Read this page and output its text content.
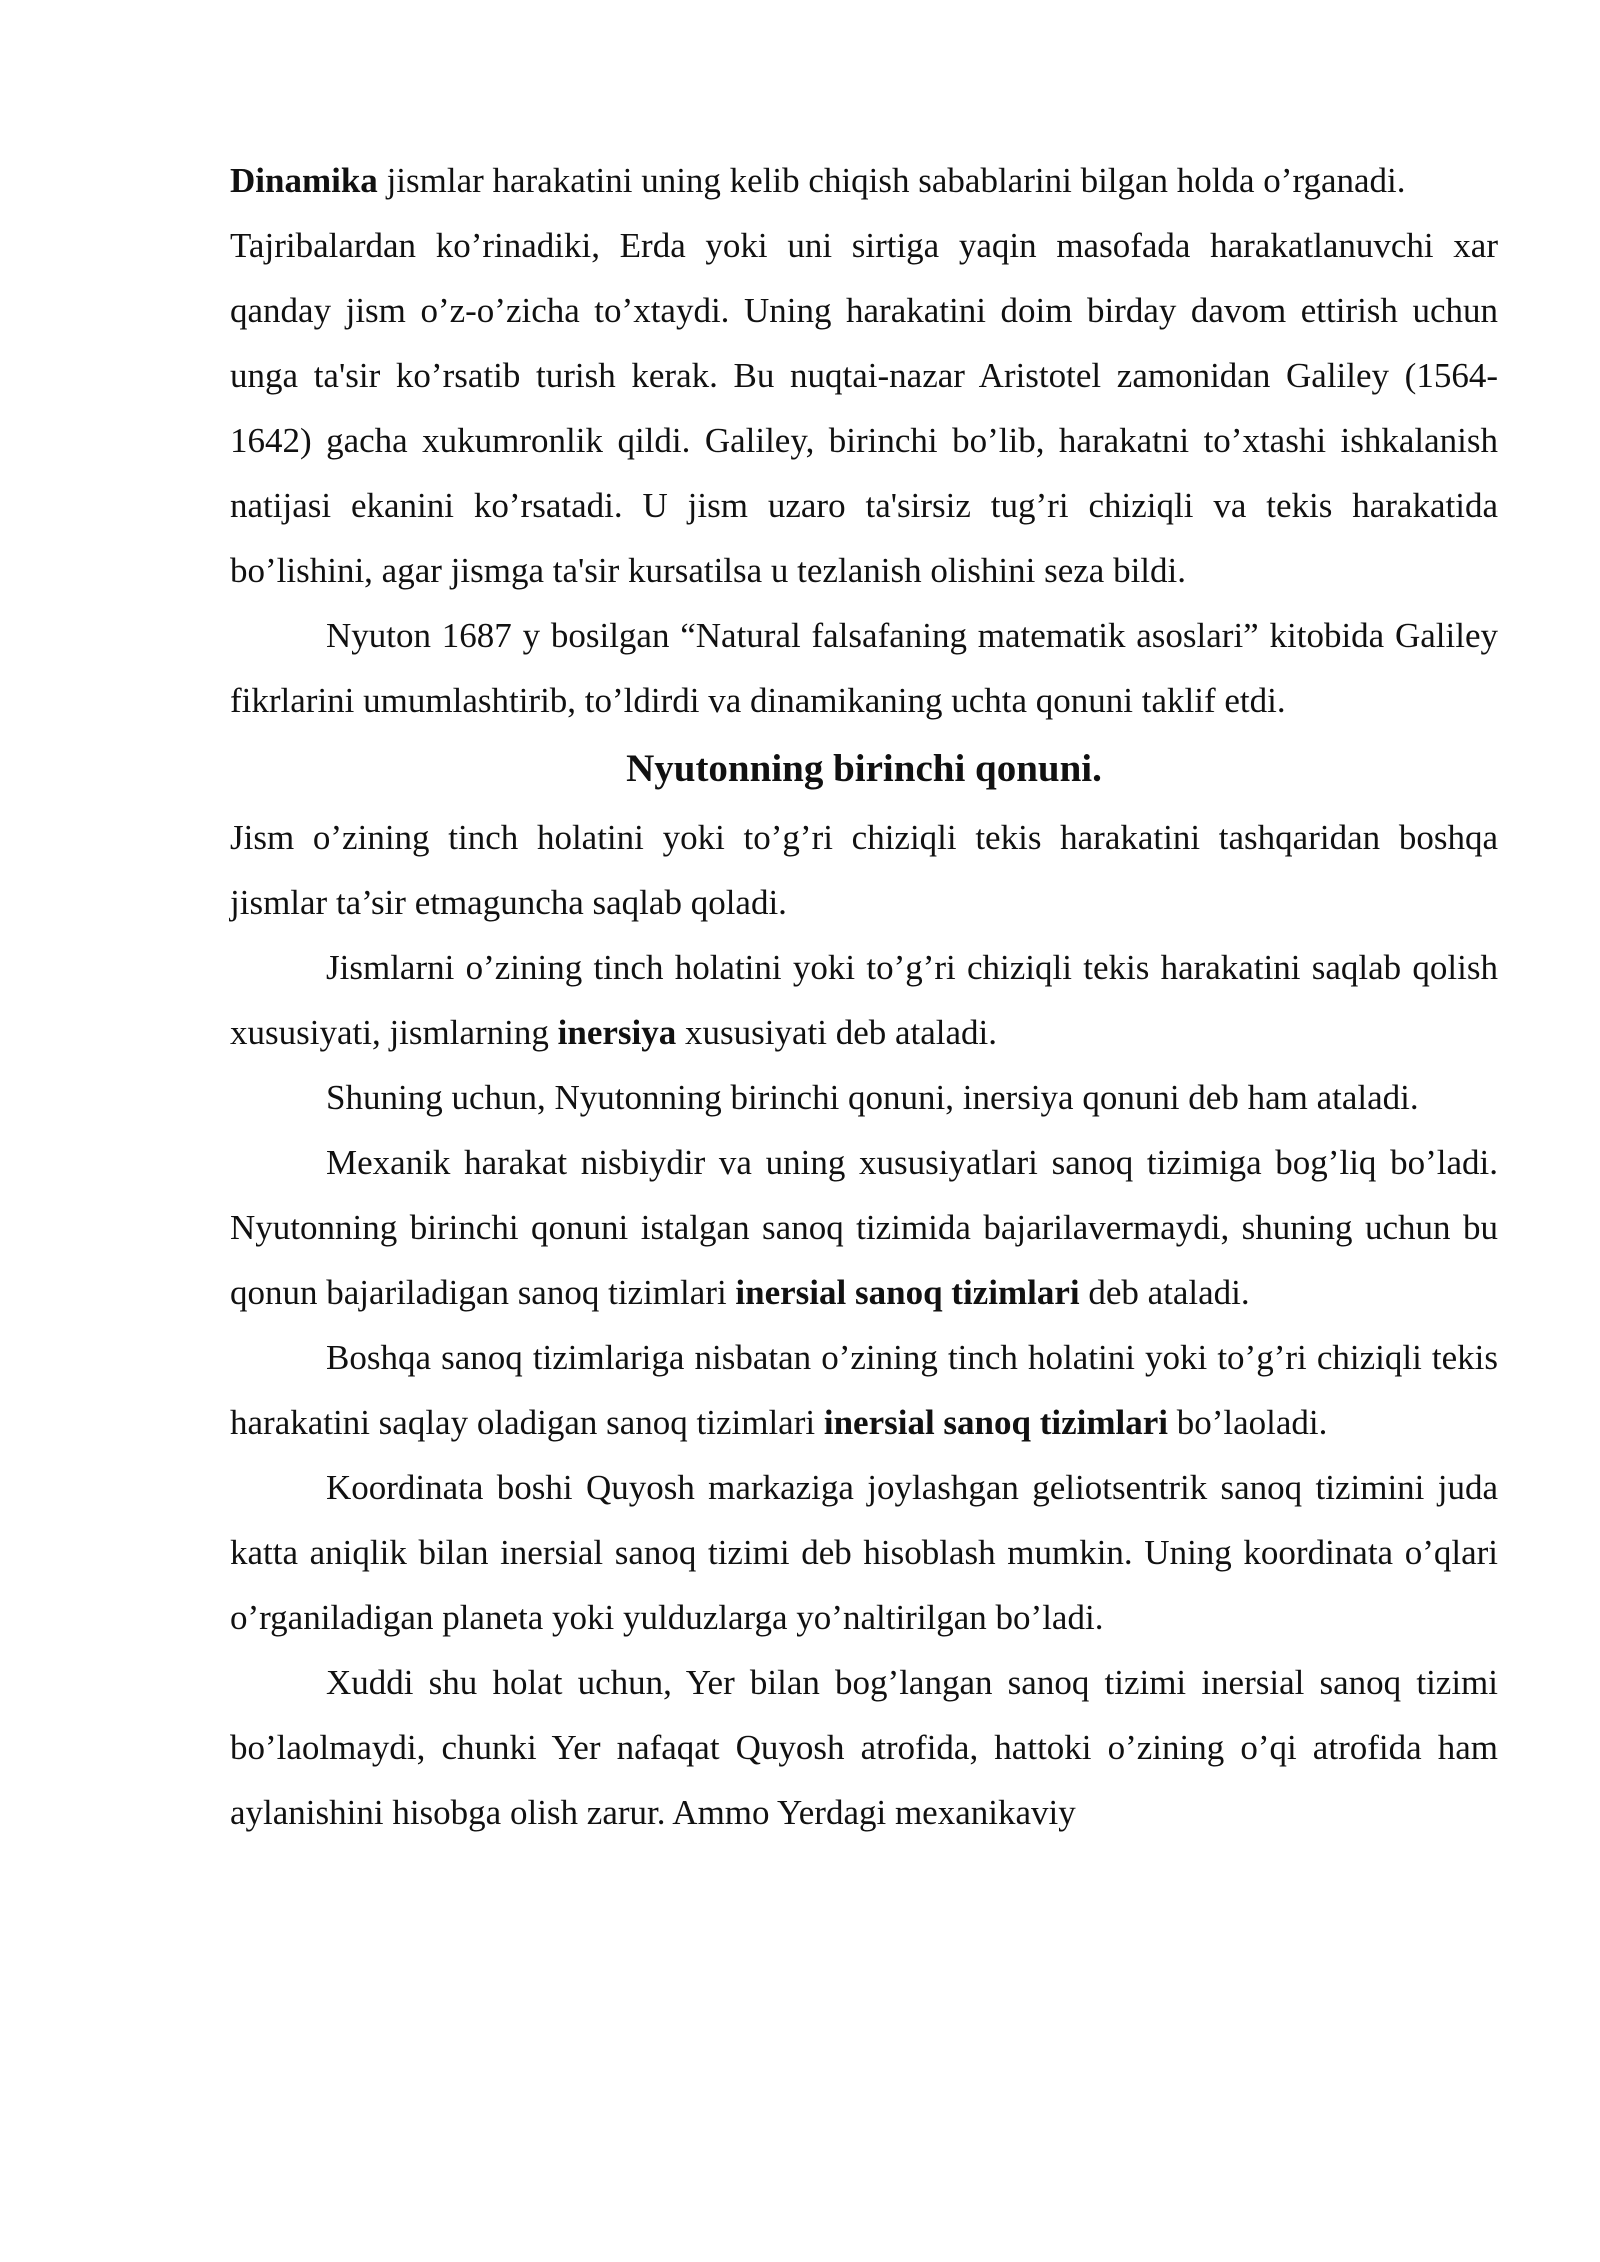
Dinamika jismlar harakatini uning kelib chiqish sabablarini bilgan holda o’rganadi.

Tajribalardan ko’rinadiki, Erda yoki uni sirtiga yaqin masofada harakatlanuvchi xar qanday jism o’z-o’zicha to’xtaydi. Uning harakatini doim birday davom ettirish uchun unga ta'sir ko’rsatib turish kerak. Bu nuqtai-nazar Aristotel zamonidan Galiley (1564-1642) gacha xukumronlik qildi. Galiley, birinchi bo’lib, harakatni to’xtashi ishkalanish natijasi ekanini ko’rsatadi. U jism uzaro ta'sirsiz tug’ri chiziqli va tekis harakatida bo’lishini, agar jismga ta'sir kursatilsa u tezlanish olishini seza bildi.

Nyuton 1687 y bosilgan “Natural falsafaning matematik asoslari” kitobida Galiley fikrlarini umumlashtirib, to’ldirdi va dinamikaning uchta qonuni taklif etdi.

Nyutonning birinchi qonuni.

Jism o’zining tinch holatini yoki to’g’ri chiziqli tekis harakatini tashqaridan boshqa jismlar ta’sir etmaguncha saqlab qoladi.

Jismlarni o’zining tinch holatini yoki to’g’ri chiziqli tekis harakatini saqlab qolish xususiyati, jismlarning inersiya xususiyati deb ataladi.

Shuning uchun, Nyutonning birinchi qonuni, inersiya qonuni deb ham ataladi.

Mexanik harakat nisbiydir va uning xususiyatlari sanoq tizimiga bog’liq bo’ladi. Nyutonning birinchi qonuni istalgan sanoq tizimida bajarilavermaydi, shuning uchun bu qonun bajariladigan sanoq tizimlari inersial sanoq tizimlari deb ataladi.

Boshqa sanoq tizimlariga nisbatan o’zining tinch holatini yoki to’g’ri chiziqli tekis harakatini saqlay oladigan sanoq tizimlari inersial sanoq tizimlari bo’laoladi.

Koordinata boshi Quyosh markaziga joylashgan geliotsentrik sanoq tizimini juda katta aniqlik bilan inersial sanoq tizimi deb hisoblash mumkin. Uning koordinata o’qlari o’rganiladigan planeta yoki yulduzlarga yo’naltirilgan bo’ladi.

Xuddi shu holat uchun, Yer bilan bog’langan sanoq tizimi inersial sanoq tizimi bo’laolmaydi, chunki Yer nafaqat Quyosh atrofida, hattoki o’zining o’qi atrofida ham aylanishini hisobga olish zarur. Ammo Yerdagi mexanikaviy
